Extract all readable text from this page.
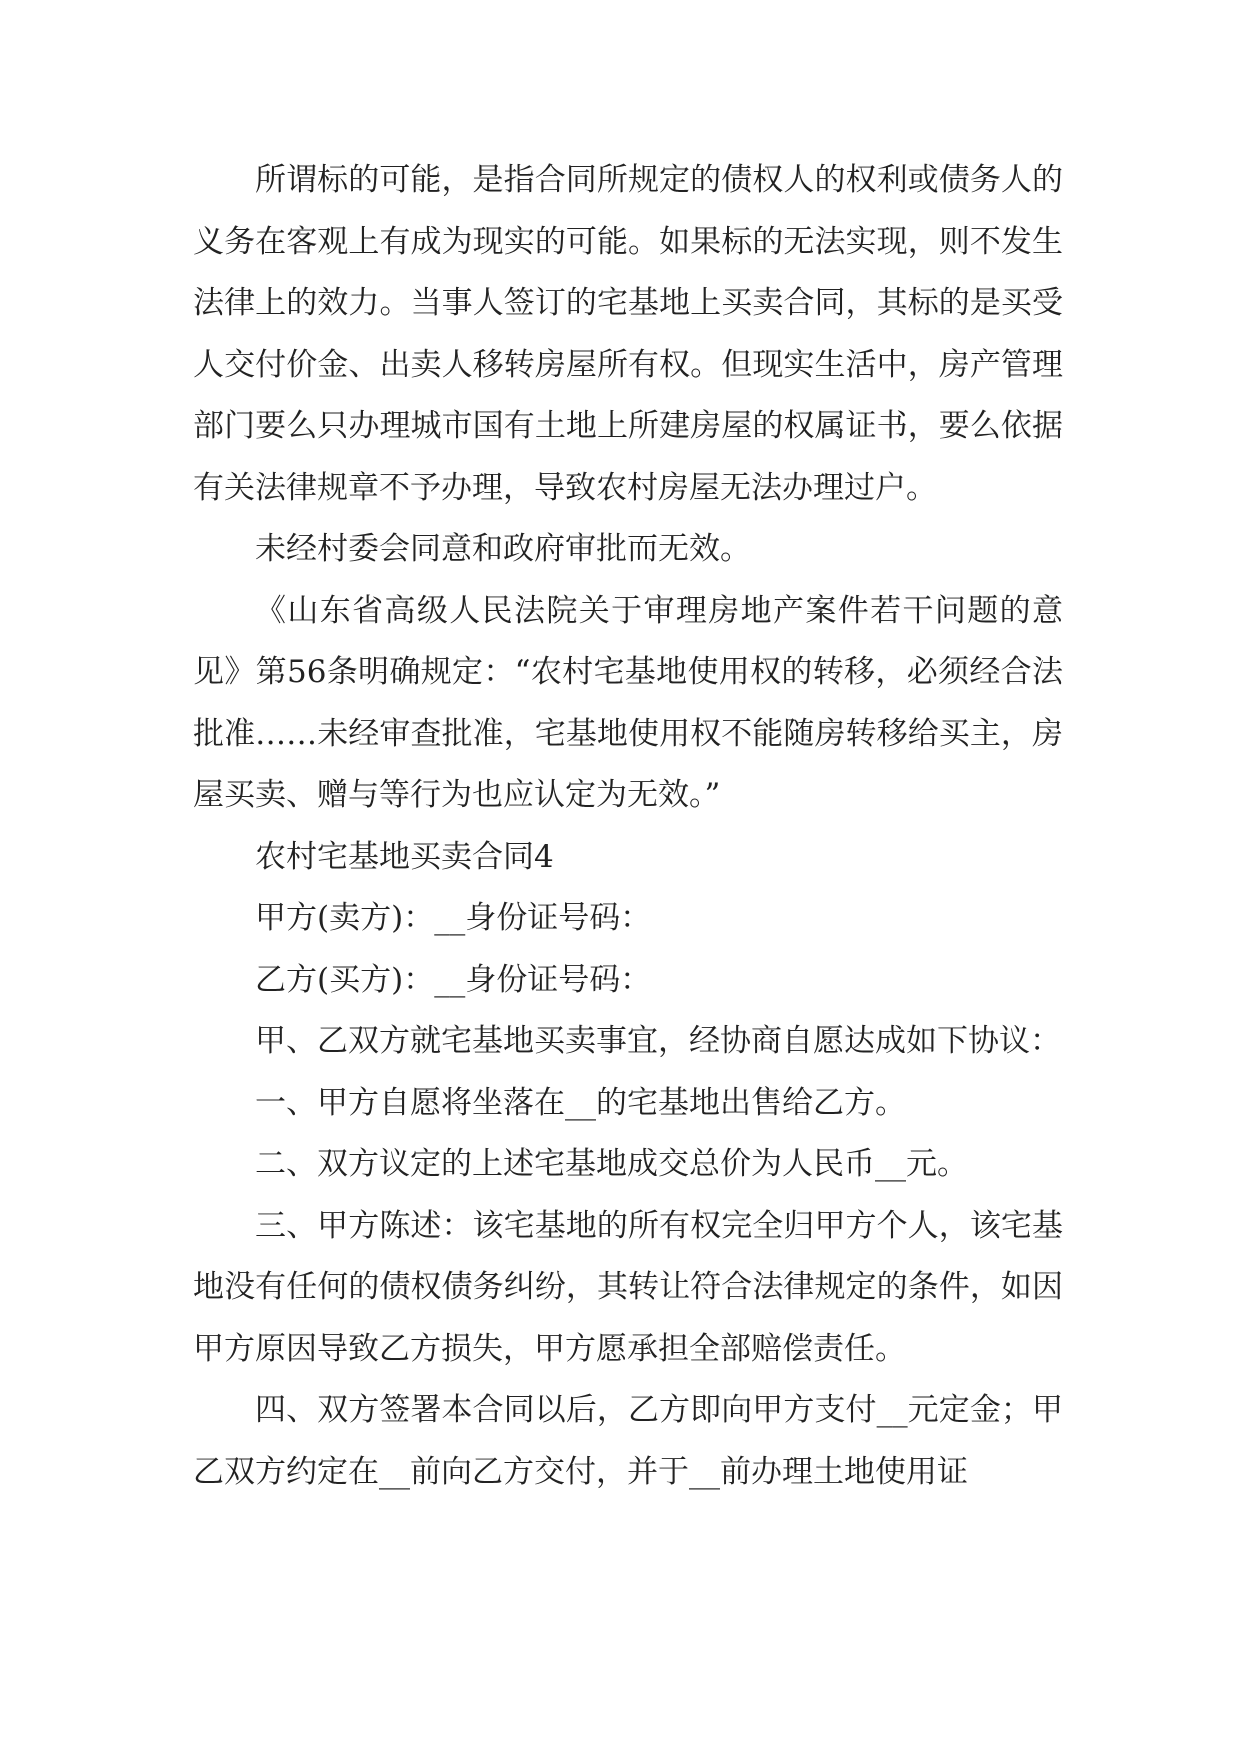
所谓标的可能，是指合同所规定的债权人的权利或债务人的义务在客观上有成为现实的可能。如果标的无法实现，则不发生法律上的效力。当事人签订的宅基地上买卖合同，其标的是买受人交付价金、出卖人移转房屋所有权。但现实生活中，房产管理部门要么只办理城市国有土地上所建房屋的权属证书，要么依据有关法律规章不予办理，导致农村房屋无法办理过户。

未经村委会同意和政府审批而无效。

《山东省高级人民法院关于审理房地产案件若干问题的意见》第56条明确规定：“农村宅基地使用权的转移，必须经合法批准……未经审查批准，宅基地使用权不能随房转移给买主，房屋买卖、赠与等行为也应认定为无效。”

农村宅基地买卖合同4

甲方(卖方)：__身份证号码：

乙方(买方)：__身份证号码：

甲、乙双方就宅基地买卖事宜，经协商自愿达成如下协议：

一、甲方自愿将坐落在__的宅基地出售给乙方。

二、双方议定的上述宅基地成交总价为人民币__元。

三、甲方陈述：该宅基地的所有权完全归甲方个人，该宅基地没有任何的债权债务纠纷，其转让符合法律规定的条件，如因甲方原因导致乙方损失，甲方愿承担全部赔偿责任。

四、双方签署本合同以后，乙方即向甲方支付__元定金；甲乙双方约定在__前向乙方交付，并于__前办理土地使用证
